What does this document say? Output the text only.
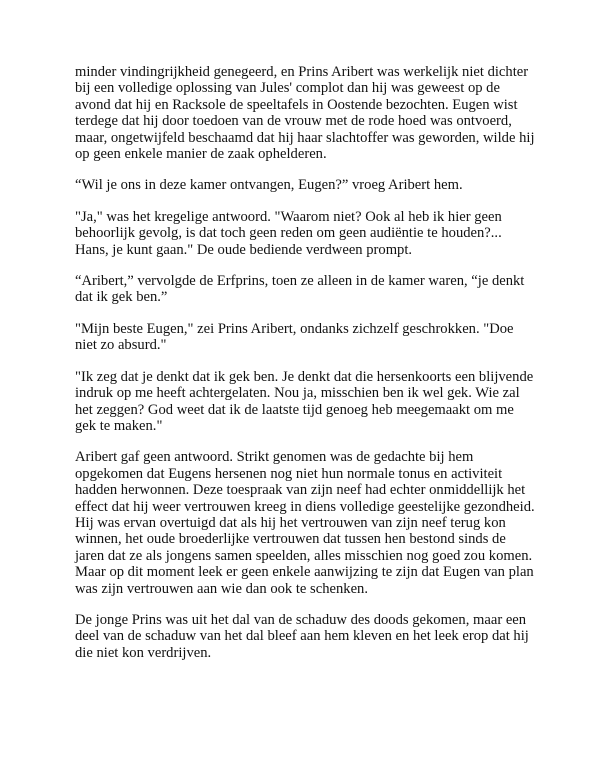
minder vindingrijkheid genegeerd, en Prins Aribert was werkelijk niet dichter bij een volledige oplossing van Jules' complot dan hij was geweest op de avond dat hij en Racksole de speeltafels in Oostende bezochten. Eugen wist terdege dat hij door toedoen van de vrouw met de rode hoed was ontvoerd, maar, ongetwijfeld beschaamd dat hij haar slachtoffer was geworden, wilde hij op geen enkele manier de zaak ophelderen.

“Wil je ons in deze kamer ontvangen, Eugen?” vroeg Aribert hem.

"Ja," was het kregelige antwoord. "Waarom niet? Ook al heb ik hier geen behoorlijk gevolg, is dat toch geen reden om geen audiëntie te houden?... Hans, je kunt gaan." De oude bediende verdween prompt.

“Aribert,” vervolgde de Erfprins, toen ze alleen in de kamer waren, “je denkt dat ik gek ben.”

"Mijn beste Eugen," zei Prins Aribert, ondanks zichzelf geschrokken. "Doe niet zo absurd."

"Ik zeg dat je denkt dat ik gek ben. Je denkt dat die hersenkoorts een blijvende indruk op me heeft achtergelaten. Nou ja, misschien ben ik wel gek. Wie zal het zeggen? God weet dat ik de laatste tijd genoeg heb meegemaakt om me gek te maken."

Aribert gaf geen antwoord. Strikt genomen was de gedachte bij hem opgekomen dat Eugens hersenen nog niet hun normale tonus en activiteit hadden herwonnen. Deze toespraak van zijn neef had echter onmiddellijk het effect dat hij weer vertrouwen kreeg in diens volledige geestelijke gezondheid. Hij was ervan overtuigd dat als hij het vertrouwen van zijn neef terug kon winnen, het oude broederlijke vertrouwen dat tussen hen bestond sinds de jaren dat ze als jongens samen speelden, alles misschien nog goed zou komen. Maar op dit moment leek er geen enkele aanwijzing te zijn dat Eugen van plan was zijn vertrouwen aan wie dan ook te schenken.

De jonge Prins was uit het dal van de schaduw des doods gekomen, maar een deel van de schaduw van het dal bleef aan hem kleven en het leek erop dat hij die niet kon verdrijven.
